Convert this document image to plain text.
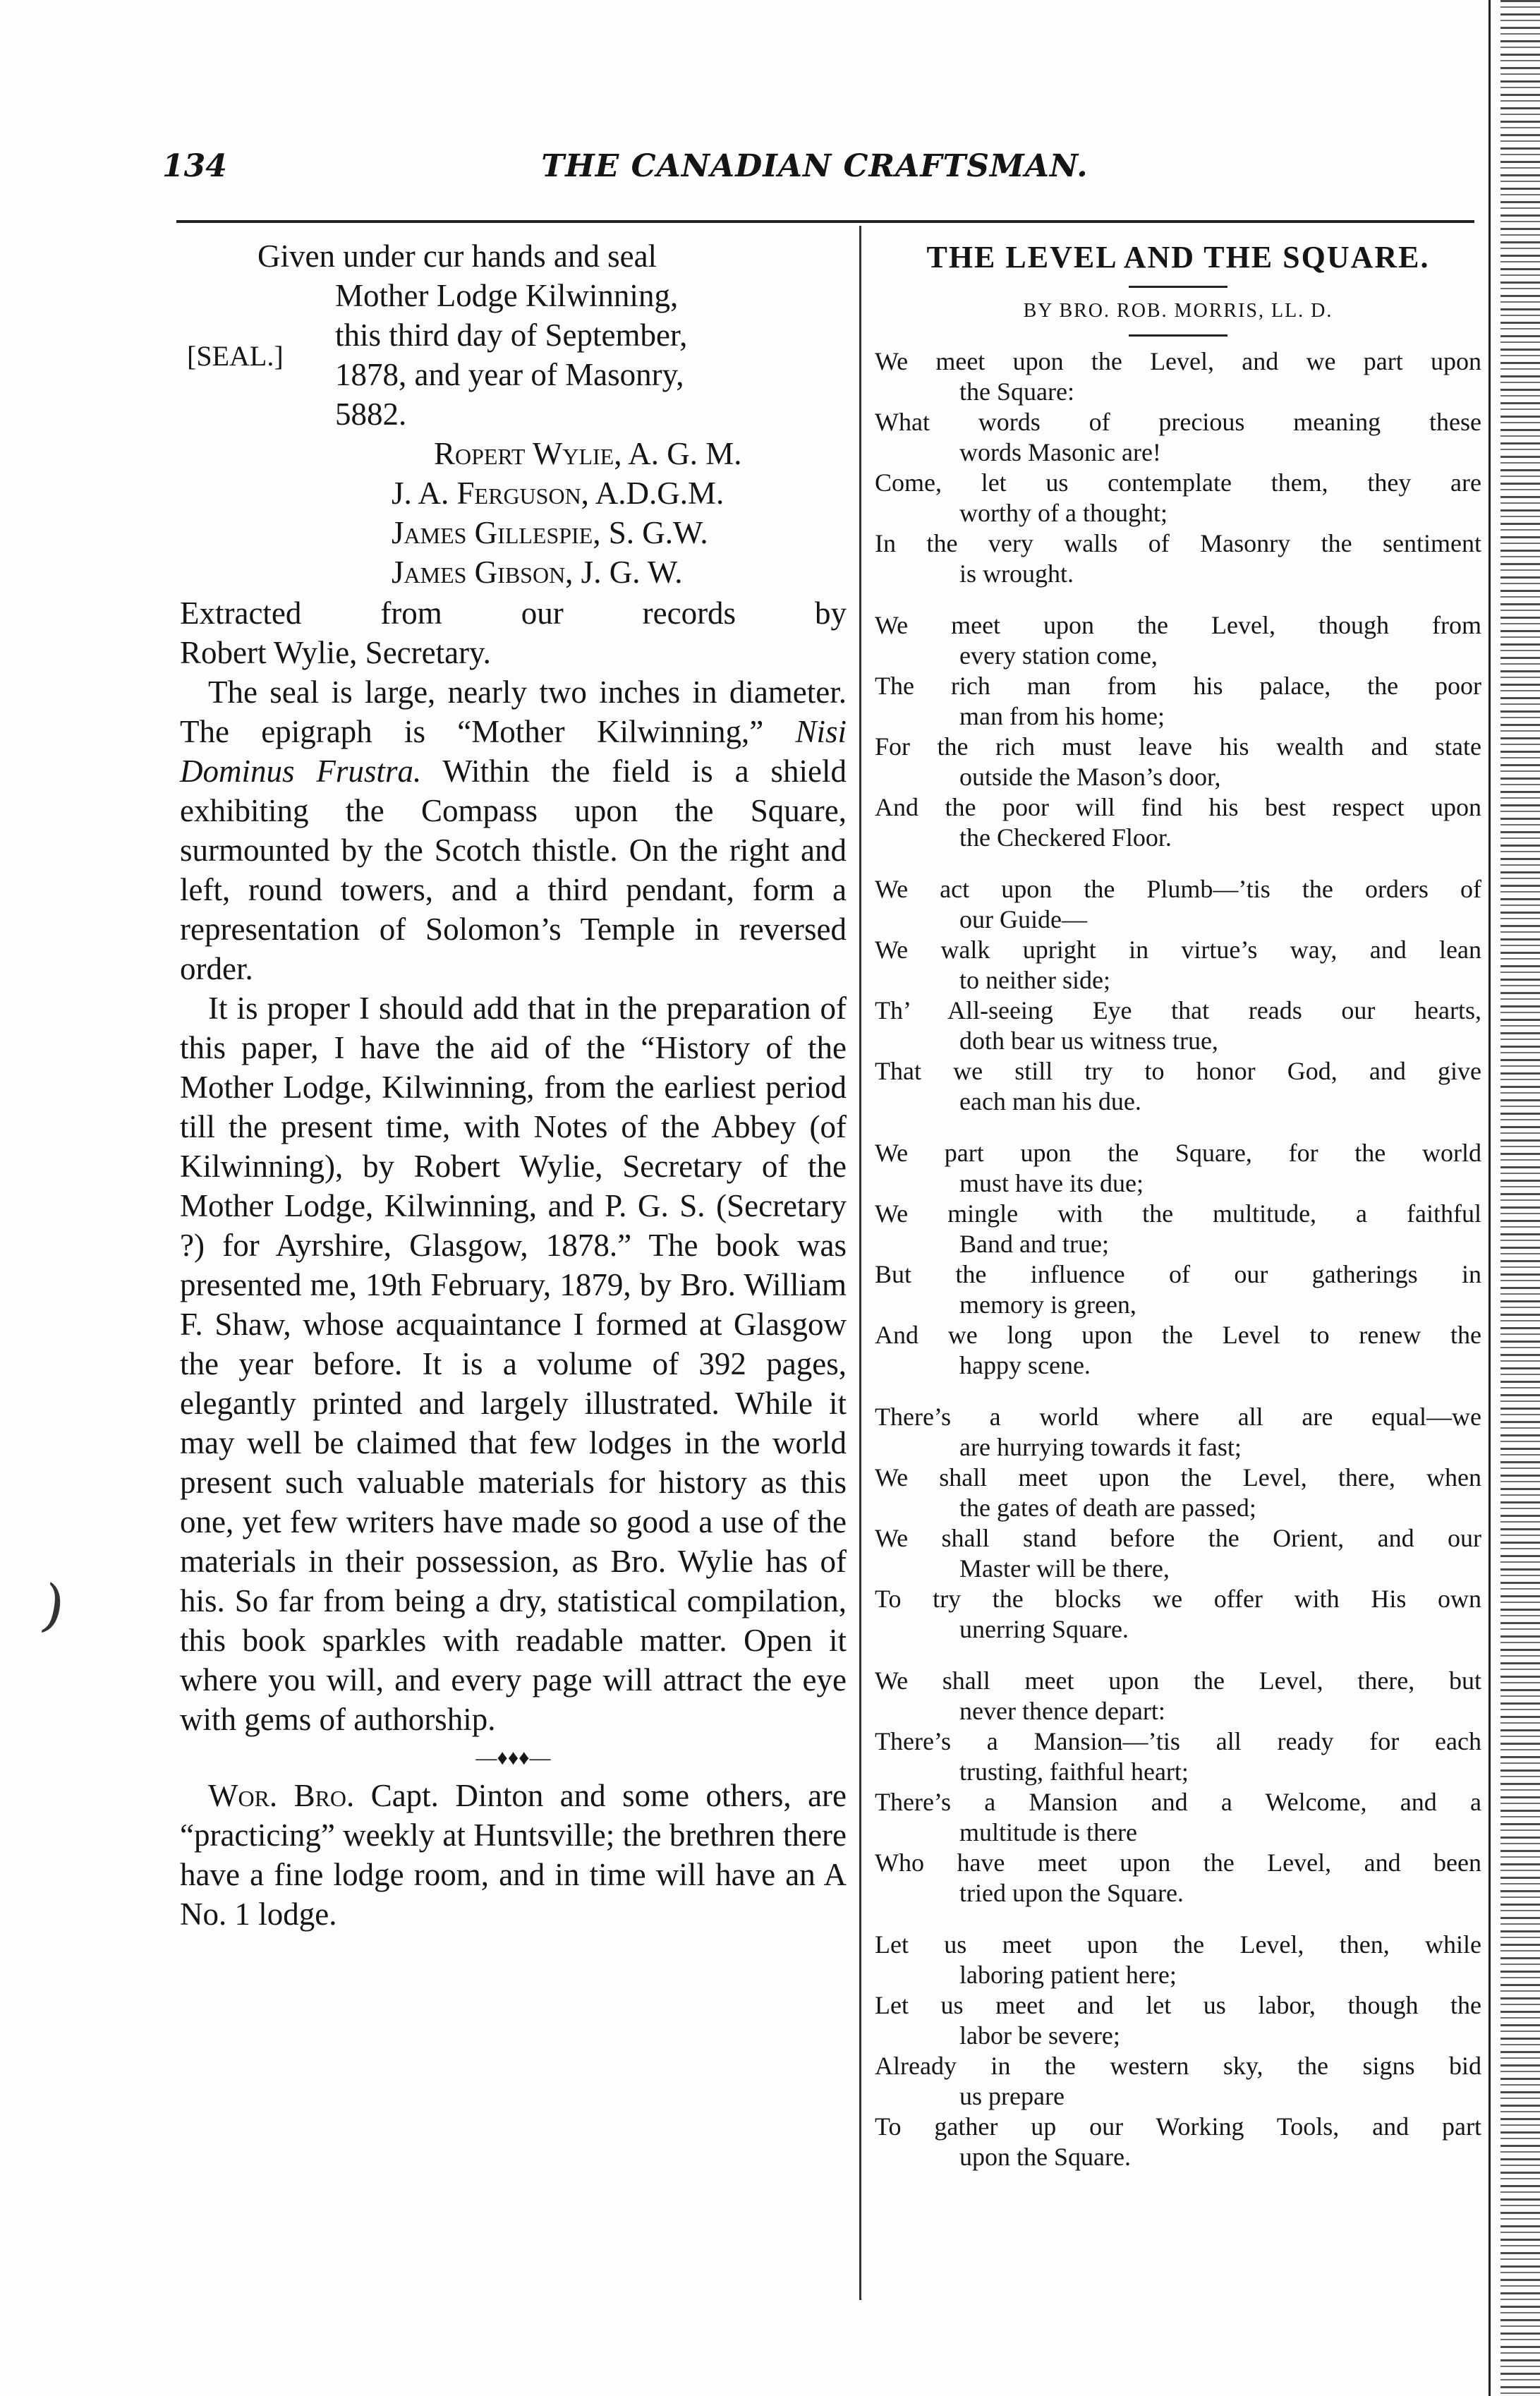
134	THE CANADIAN CRAFTSMAN.
[SEAL.]
Given under cur hands and seal
Mother Lodge Kilwinning,
this third day of September,
1878, and year of Masonry,
5882.
Ropert Wylie, A. G. M.
J. A. Ferguson, A.D.G.M.
James Gillespie, S. G.W.
James Gibson, J. G. W.

Extracted from our records by

Robert Wylie, Secretary.

The seal is large, nearly two inches in diameter. The epigraph is “Mother Kilwinning,” Nisi Dominus Frustra. Within the field is a shield exhibiting the Compass upon the Square, surmounted by the Scotch thistle. On the right and left, round towers, and a third pendant, form a representation of Solomon’s Temple in reversed order.

It is proper I should add that in the preparation of this paper, I have the aid of the “History of the Mother Lodge, Kilwinning, from the earliest period till the present time, with Notes of the Abbey (of Kilwinning), by Robert Wylie, Secretary of the Mother Lodge, Kilwinning, and P. G. S. (Secretary ?) for Ayrshire, Glasgow, 1878.” The book was presented me, 19th February, 1879, by Bro. William F. Shaw, whose acquaintance I formed at Glasgow the year before. It is a volume of 392 pages, elegantly printed and largely illustrated. While it may well be claimed that few lodges in the world present such valuable materials for history as this one, yet few writers have made so good a use of the materials in their possession, as Bro. Wylie has of his. So far from being a dry, statistical compilation, this book sparkles with readable matter. Open it where you will, and every page will attract the eye with gems of authorship.

—♦♦♦—

Wor. Bro. Capt. Dinton and some others, are “practicing” weekly at Huntsville; the brethren there have a fine lodge room, and in time will have an A No. 1 lodge.

THE LEVEL AND THE SQUARE.
BY BRO. ROB. MORRIS, LL. D.
We meet upon the Level, and we part upon
the Square:
What words of precious meaning these
words Masonic are!
Come, let us contemplate them, they are
worthy of a thought;
In the very walls of Masonry the sentiment
is wrought.
We meet upon the Level, though from
every station come,
The rich man from his palace, the poor
man from his home;
For the rich must leave his wealth and state
outside the Mason’s door,
And the poor will find his best respect upon
the Checkered Floor.
We act upon the Plumb—’tis the orders of
our Guide—
We walk upright in virtue’s way, and lean
to neither side;
Th’ All-seeing Eye that reads our hearts,
doth bear us witness true,
That we still try to honor God, and give
each man his due.
We part upon the Square, for the world
must have its due;
We mingle with the multitude, a faithful
Band and true;
But the influence of our gatherings in
memory is green,
And we long upon the Level to renew the
happy scene.
There’s a world where all are equal—we
are hurrying towards it fast;
We shall meet upon the Level, there, when
the gates of death are passed;
We shall stand before the Orient, and our
Master will be there,
To try the blocks we offer with His own
unerring Square.
We shall meet upon the Level, there, but
never thence depart:
There’s a Mansion—’tis all ready for each
trusting, faithful heart;
There’s a Mansion and a Welcome, and a
multitude is there
Who have meet upon the Level, and been
tried upon the Square.
Let us meet upon the Level, then, while
laboring patient here;
Let us meet and let us labor, though the
labor be severe;
Already in the western sky, the signs bid
us prepare
To gather up our Working Tools, and part
upon the Square.
)
